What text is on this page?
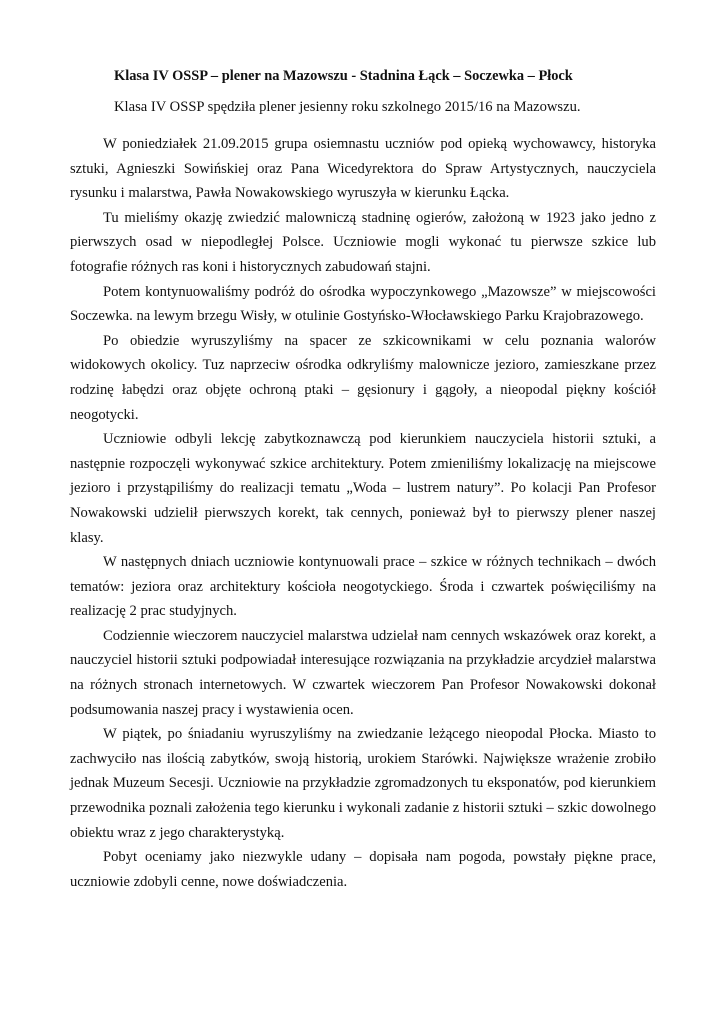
Klasa IV OSSP – plener na Mazowszu - Stadnina Łąck – Soczewka – Płock
Klasa IV OSSP spędziła plener jesienny roku szkolnego 2015/16 na Mazowszu.

W poniedziałek 21.09.2015 grupa osiemnastu uczniów pod opieką wychowawcy, historyka sztuki, Agnieszki Sowińskiej oraz Pana Wicedyrektora do Spraw Artystycznych, nauczyciela rysunku i malarstwa, Pawła Nowakowskiego wyruszyła w kierunku Łącka.

Tu mieliśmy okazję zwiedzić malowniczą stadninę ogierów, założoną w 1923 jako jedno z pierwszych osad w niepodległej Polsce. Uczniowie mogli wykonać tu pierwsze szkice lub fotografie różnych ras koni i historycznych zabudowań stajni.

Potem kontynuowaliśmy podróż do ośrodka wypoczynkowego „Mazowsze” w miejscowości Soczewka. na lewym brzegu Wisły, w otulinie Gostyńsko-Włocławskiego Parku Krajobrazowego.

Po obiedzie wyruszyliśmy na spacer ze szkicownikami w celu poznania walorów widokowych okolicy. Tuz naprzeciw ośrodka odkryliśmy malownicze jezioro, zamieszkane przez rodzinę łabędzi oraz objęte ochroną ptaki – gęsionury i gągoły, a nieopodal piękny kościół neogotycki.

Uczniowie odbyli lekcję zabytkoznawczą pod kierunkiem nauczyciela historii sztuki, a następnie rozpoczęli wykonywać szkice architektury. Potem zmieniliśmy lokalizację na miejscowe jezioro i przystąpiliśmy do realizacji tematu „Woda – lustrem natury”. Po kolacji Pan Profesor Nowakowski udzielił pierwszych korekt, tak cennych, ponieważ był to pierwszy plener naszej klasy.

W następnych dniach uczniowie kontynuowali prace – szkice w różnych technikach – dwóch tematów: jeziora oraz architektury kościoła neogotyckiego. Środa i czwartek poświęciliśmy na realizację 2 prac studyjnych.

Codziennie wieczorem nauczyciel malarstwa udzielał nam cennych wskazówek oraz korekt, a nauczyciel historii sztuki podpowiadał interesujące rozwiązania na przykładzie arcydzieł malarstwa na różnych stronach internetowych. W czwartek wieczorem Pan Profesor Nowakowski dokonał podsumowania naszej pracy i wystawienia ocen.

W piątek, po śniadaniu wyruszyliśmy na zwiedzanie leżącego nieopodal Płocka. Miasto to zachwyciło nas ilością zabytków, swoją historią, urokiem Starówki. Największe wrażenie zrobiło jednak Muzeum Secesji. Uczniowie na przykładzie zgromadzonych tu eksponatów, pod kierunkiem przewodnika poznali założenia tego kierunku i wykonali zadanie z historii sztuki – szkic dowolnego obiektu wraz z jego charakterystyką.

Pobyt oceniamy jako niezwykle udany – dopisała nam pogoda, powstały piękne prace, uczniowie zdobyli cenne, nowe doświadczenia.
